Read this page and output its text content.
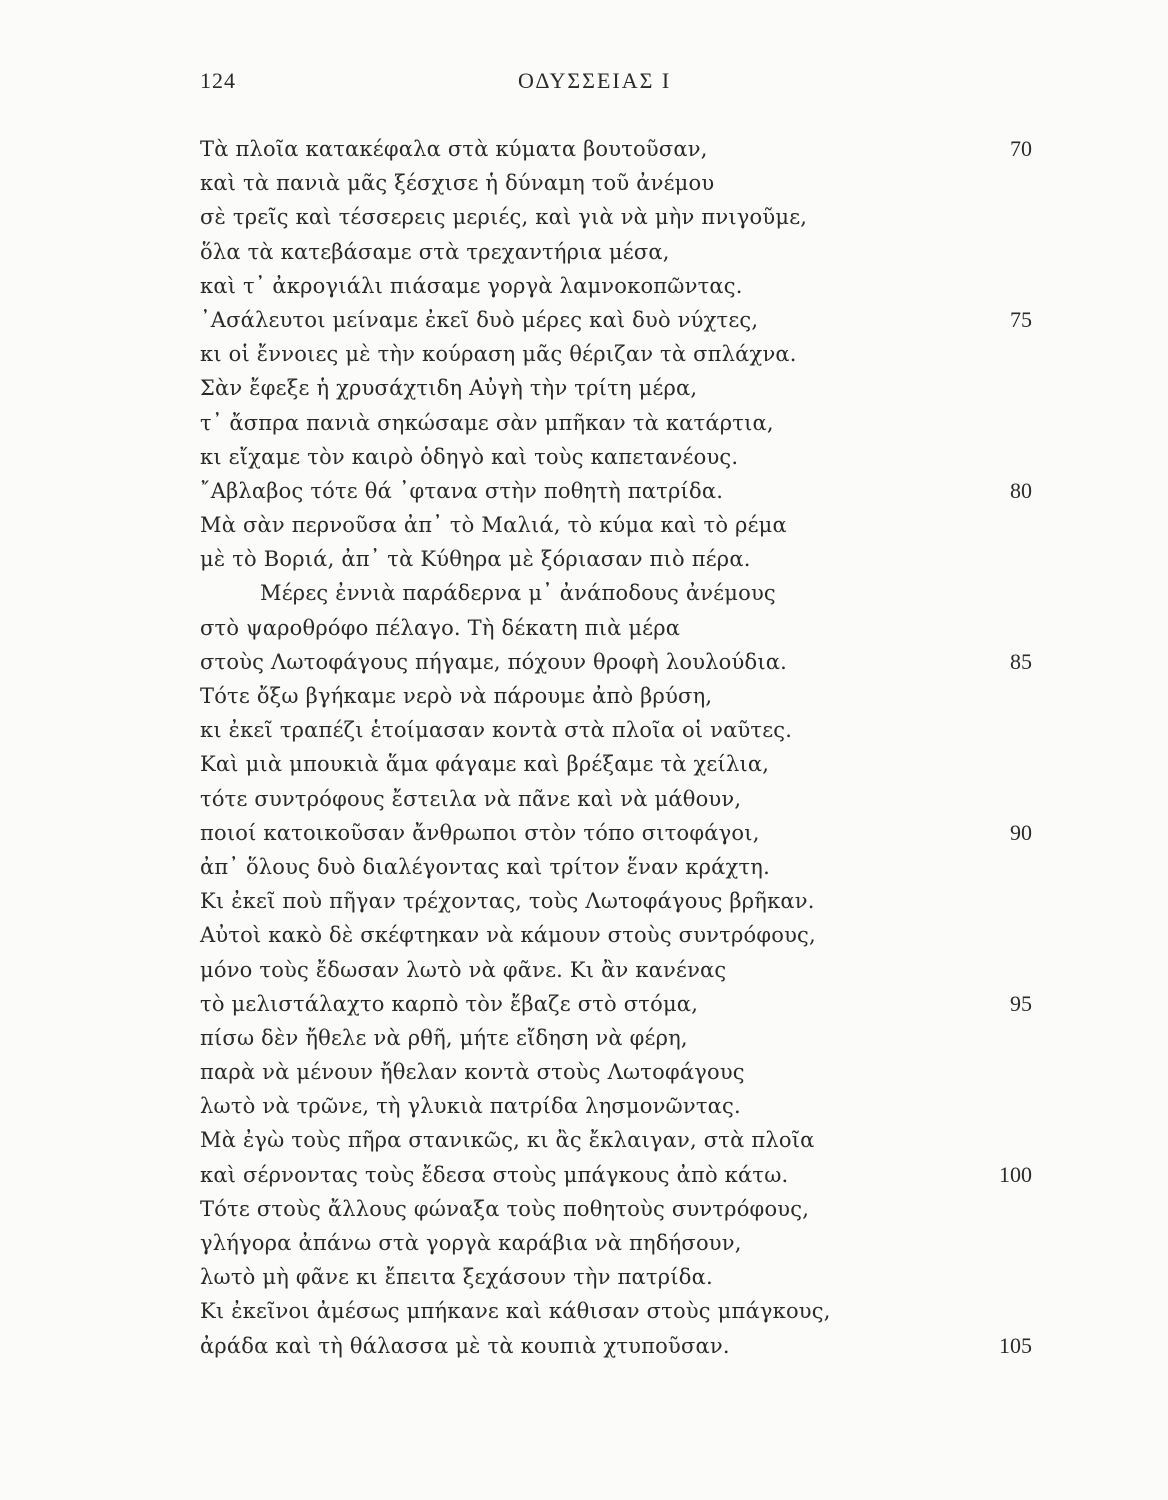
124	ΟΔΥΣΣΕΙΑΣ Ι
Τὰ πλοῖα κατακέφαλα στὰ κύματα βουτοῦσαν,	70
καὶ τὰ πανιὰ μᾶς ξέσχισε ἡ δύναμη τοῦ ἀνέμου
σὲ τρεῖς καὶ τέσσερεις μεριές, καὶ γιὰ νὰ μὴν πνιγοῦμε,
ὅλα τὰ κατεβάσαμε στὰ τρεχαντήρια μέσα,
καὶ τ᾽ ἀκρογιάλι πιάσαμε γοργὰ λαμνοκοπῶντας.
᾽Ασάλευτοι μείναμε ἐκεῖ δυὸ μέρες καὶ δυὸ νύχτες,	75
κι οἱ ἔννοιες μὲ τὴν κούραση μᾶς θέριζαν τὰ σπλάχνα.
Σὰν ἔφεξε ἡ χρυσάχτιδη Αὐγὴ τὴν τρίτη μέρα,
τ᾽ ἄσπρα πανιὰ σηκώσαμε σὰν μπῆκαν τὰ κατάρτια,
κι εἴχαμε τὸν καιρὸ ὁδηγὸ καὶ τοὺς καπετανέους.
῎Αβλαβος τότε θά ᾽φτανα στὴν ποθητὴ πατρίδα.	80
Μὰ σὰν περνοῦσα ἀπ᾽ τὸ Μαλιά, τὸ κύμα καὶ τὸ ρέμα
μὲ τὸ Βοριά, ἀπ᾽ τὰ Κύθηρα μὲ ξόριασαν πιὸ πέρα.
Μέρες ἐννιὰ παράδερνα μ᾽ ἀνάποδους ἀνέμους
στὸ ψαροθρόφο πέλαγο. Τὴ δέκατη πιὰ μέρα
στοὺς Λωτοφάγους πήγαμε, πόχουν θροφὴ λουλούδια.	85
Τότε ὄξω βγήκαμε νερὸ νὰ πάρουμε ἀπὸ βρύση,
κι ἐκεῖ τραπέζι ἑτοίμασαν κοντὰ στὰ πλοῖα οἱ ναῦτες.
Καὶ μιὰ μπουκιὰ ἅμα φάγαμε καὶ βρέξαμε τὰ χείλια,
τότε συντρόφους ἔστειλα νὰ πᾶνε καὶ νὰ μάθουν,
ποιοί κατοικοῦσαν ἄνθρωποι στὸν τόπο σιτοφάγοι,	90
ἀπ᾽ ὅλους δυὸ διαλέγοντας καὶ τρίτον ἕναν κράχτη.
Κι ἐκεῖ ποὺ πῆγαν τρέχοντας, τοὺς Λωτοφάγους βρῆκαν.
Αὐτοὶ κακὸ δὲ σκέφτηκαν νὰ κάμουν στοὺς συντρόφους,
μόνο τοὺς ἔδωσαν λωτὸ νὰ φᾶνε. Κι ἂν κανένας
τὸ μελιστάλαχτο καρπὸ τὸν ἔβαζε στὸ στόμα,	95
πίσω δὲν ἤθελε νὰ ρθῆ, μήτε εἴδηση νὰ φέρη,
παρὰ νὰ μένουν ἤθελαν κοντὰ στοὺς Λωτοφάγους
λωτὸ νὰ τρῶνε, τὴ γλυκιὰ πατρίδα λησμονῶντας.
Μὰ ἐγὼ τοὺς πῆρα στανικῶς, κι ἂς ἔκλαιγαν, στὰ πλοῖα
καὶ σέρνοντας τοὺς ἔδεσα στοὺς μπάγκους ἀπὸ κάτω.	100
Τότε στοὺς ἄλλους φώναξα τοὺς ποθητοὺς συντρόφους,
γλήγορα ἀπάνω στὰ γοργὰ καράβια νὰ πηδήσουν,
λωτὸ μὴ φᾶνε κι ἔπειτα ξεχάσουν τὴν πατρίδα.
Κι ἐκεῖνοι ἀμέσως μπήκανε καὶ κάθισαν στοὺς μπάγκους,
ἀράδα καὶ τὴ θάλασσα μὲ τὰ κουπιὰ χτυποῦσαν.	105
